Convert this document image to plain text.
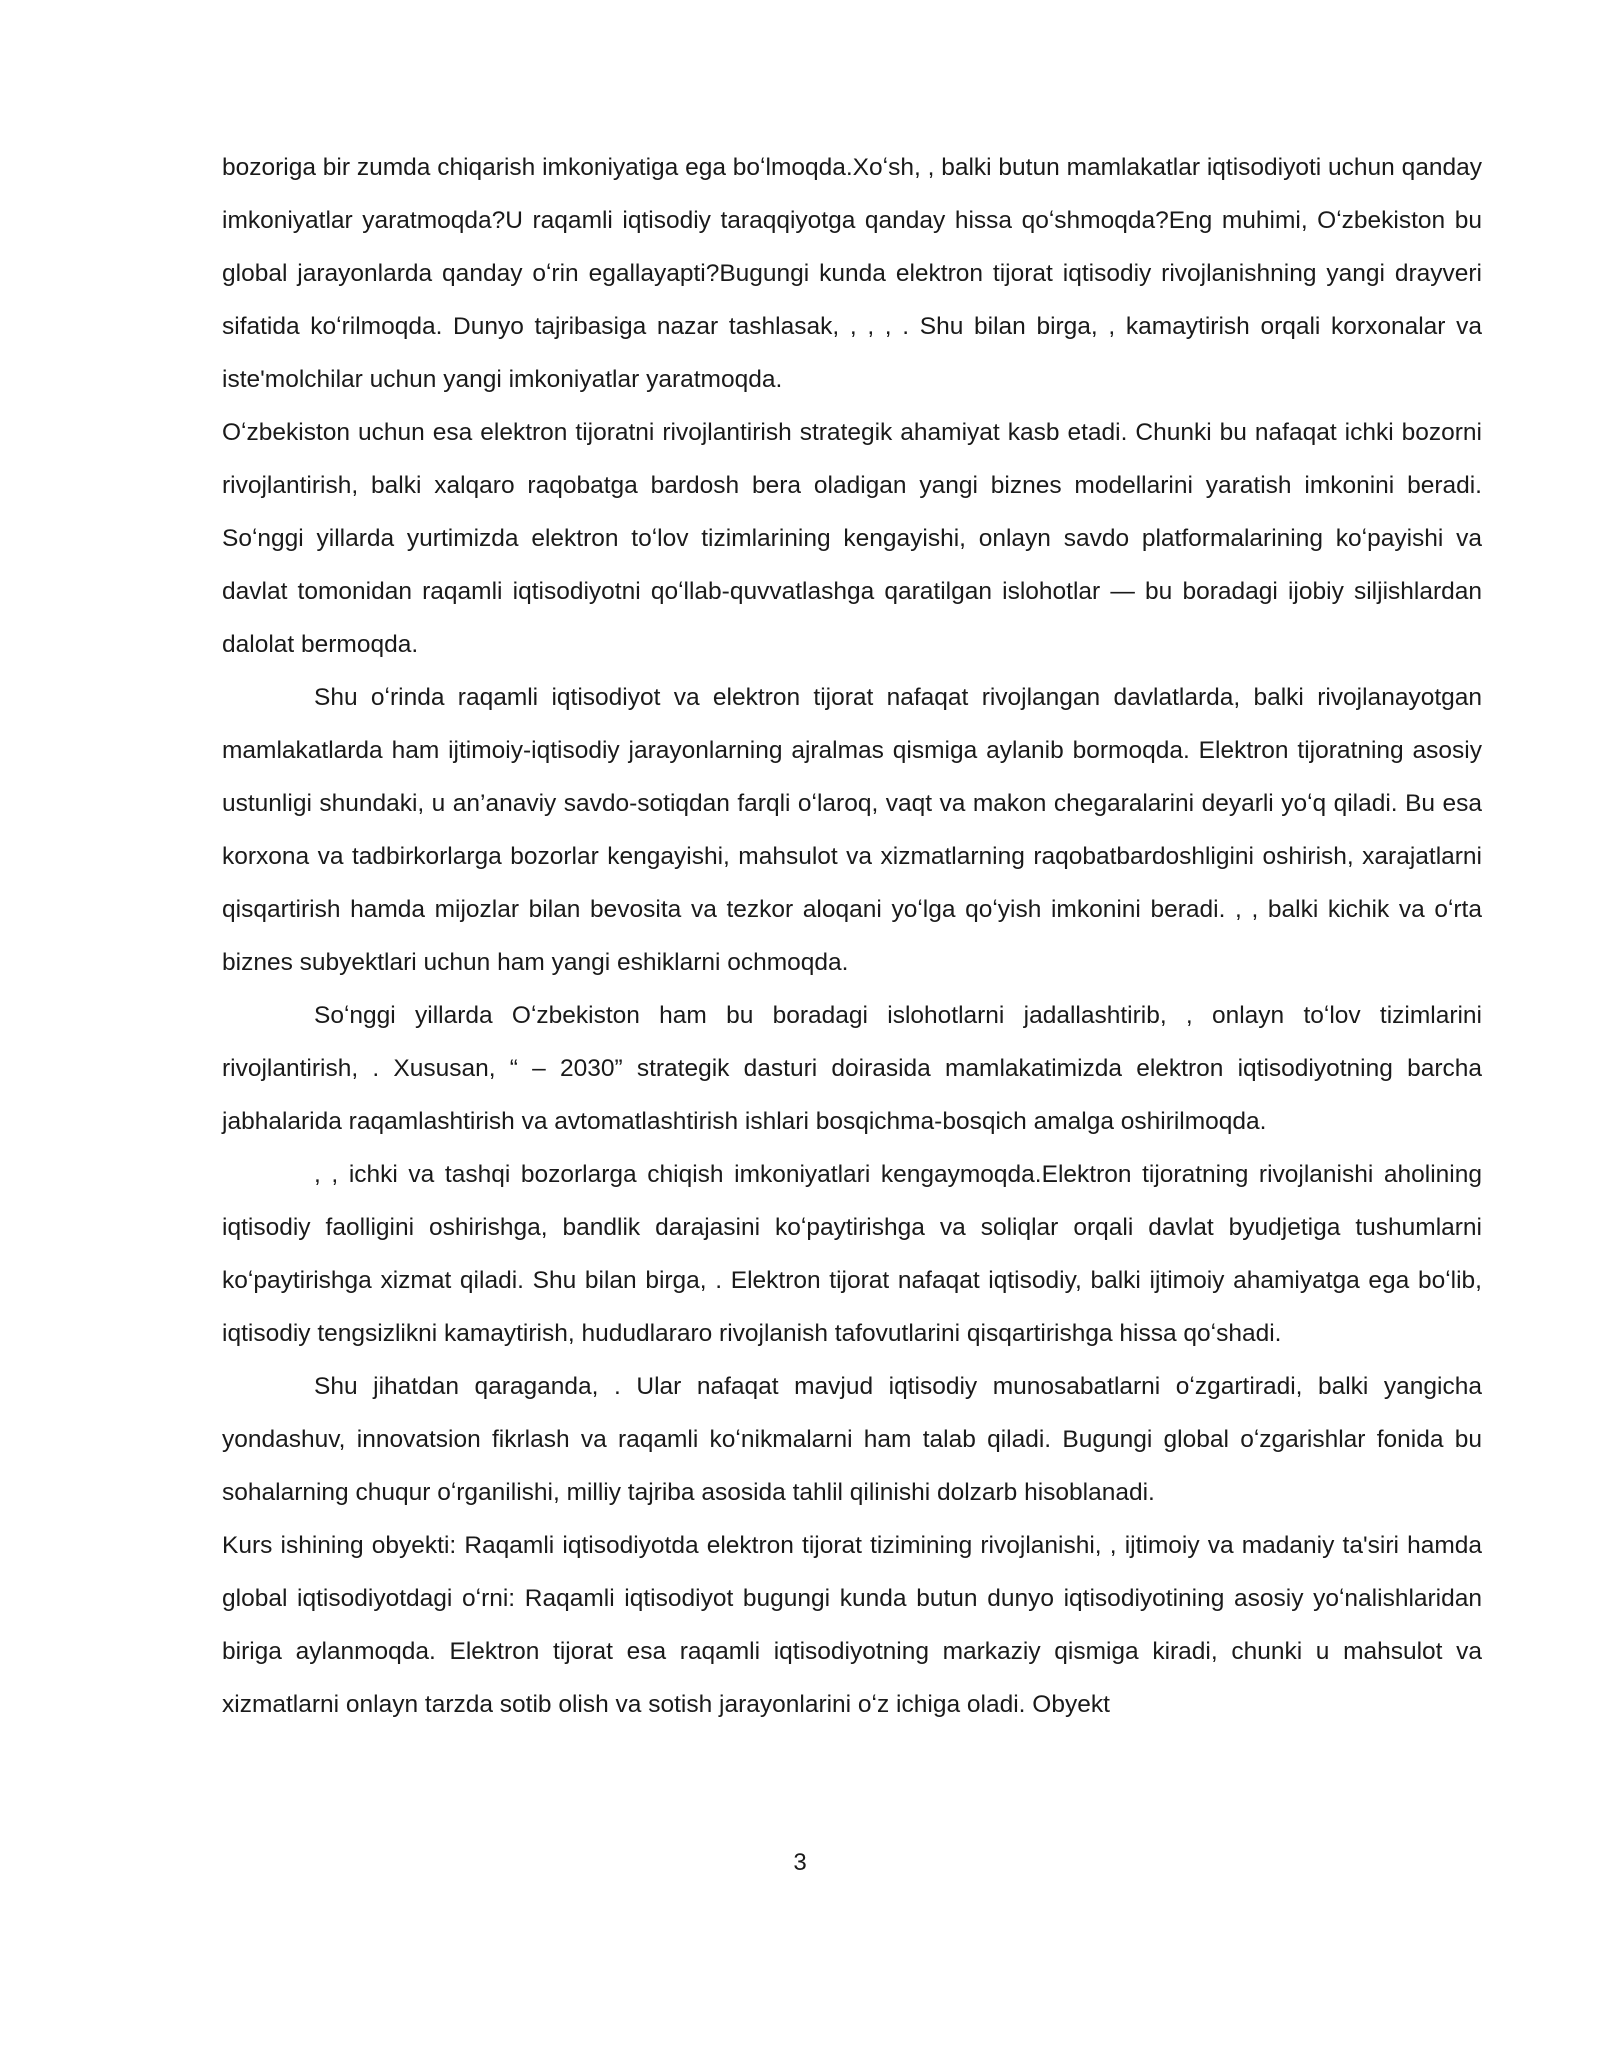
bozoriga bir zumda chiqarish imkoniyatiga ega boʻlmoqda.Xoʻsh, , balki butun mamlakatlar iqtisodiyoti uchun qanday imkoniyatlar yaratmoqda?U raqamli iqtisodiy taraqqiyotga qanday hissa qoʻshmoqda?Eng muhimi, Oʻzbekiston bu global jarayonlarda qanday oʻrin egallayapti?Bugungi kunda elektron tijorat iqtisodiy rivojlanishning yangi drayveri sifatida koʻrilmoqda. Dunyo tajribasiga nazar tashlasak, , , , . Shu bilan birga, , kamaytirish orqali korxonalar va iste'molchilar uchun yangi imkoniyatlar yaratmoqda.

Oʻzbekiston uchun esa elektron tijoratni rivojlantirish strategik ahamiyat kasb etadi. Chunki bu nafaqat ichki bozorni rivojlantirish, balki xalqaro raqobatga bardosh bera oladigan yangi biznes modellarini yaratish imkonini beradi. Soʻnggi yillarda yurtimizda elektron toʻlov tizimlarining kengayishi, onlayn savdo platformalarining koʻpayishi va davlat tomonidan raqamli iqtisodiyotni qoʻllab-quvvatlashga qaratilgan islohotlar — bu boradagi ijobiy siljishlardan dalolat bermoqda.

Shu oʻrinda raqamli iqtisodiyot va elektron tijorat nafaqat rivojlangan davlatlarda, balki rivojlanayotgan mamlakatlarda ham ijtimoiy-iqtisodiy jarayonlarning ajralmas qismiga aylanib bormoqda. Elektron tijoratning asosiy ustunligi shundaki, u an’anaviy savdo-sotiqdan farqli oʻlaroq, vaqt va makon chegaralarini deyarli yoʻq qiladi. Bu esa korxona va tadbirkorlarga bozorlar kengayishi, mahsulot va xizmatlarning raqobatbardoshligini oshirish, xarajatlarni qisqartirish hamda mijozlar bilan bevosita va tezkor aloqani yoʻlga qoʻyish imkonini beradi. , , balki kichik va oʻrta biznes subyektlari uchun ham yangi eshiklarni ochmoqda.

Soʻnggi yillarda Oʻzbekiston ham bu boradagi islohotlarni jadallashtirib, , onlayn toʻlov tizimlarini rivojlantirish, . Xususan, “ – 2030” strategik dasturi doirasida mamlakatimizda elektron iqtisodiyotning barcha jabhalarida raqamlashtirish va avtomatlashtirish ishlari bosqichma-bosqich amalga oshirilmoqda.

, , ichki va tashqi bozorlarga chiqish imkoniyatlari kengaymoqda.Elektron tijoratning rivojlanishi aholining iqtisodiy faolligini oshirishga, bandlik darajasini koʻpaytirishga va soliqlar orqali davlat byudjetiga tushumlarni koʻpaytirishga xizmat qiladi. Shu bilan birga, . Elektron tijorat nafaqat iqtisodiy, balki ijtimoiy ahamiyatga ega boʻlib, iqtisodiy tengsizlikni kamaytirish, hududlararo rivojlanish tafovutlarini qisqartirishga hissa qoʻshadi.

Shu jihatdan qaraganda, . Ular nafaqat mavjud iqtisodiy munosabatlarni oʻzgartiradi, balki yangicha yondashuv, innovatsion fikrlash va raqamli koʻnikmalarni ham talab qiladi. Bugungi global oʻzgarishlar fonida bu sohalarning chuqur oʻrganilishi, milliy tajriba asosida tahlil qilinishi dolzarb hisoblanadi.

Kurs ishining obyekti: Raqamli iqtisodiyotda elektron tijorat tizimining rivojlanishi, , ijtimoiy va madaniy ta'siri hamda global iqtisodiyotdagi oʻrni: Raqamli iqtisodiyot bugungi kunda butun dunyo iqtisodiyotining asosiy yoʻnalishlaridan biriga aylanmoqda. Elektron tijorat esa raqamli iqtisodiyotning markaziy qismiga kiradi, chunki u mahsulot va xizmatlarni onlayn tarzda sotib olish va sotish jarayonlarini oʻz ichiga oladi. Obyekt

3
